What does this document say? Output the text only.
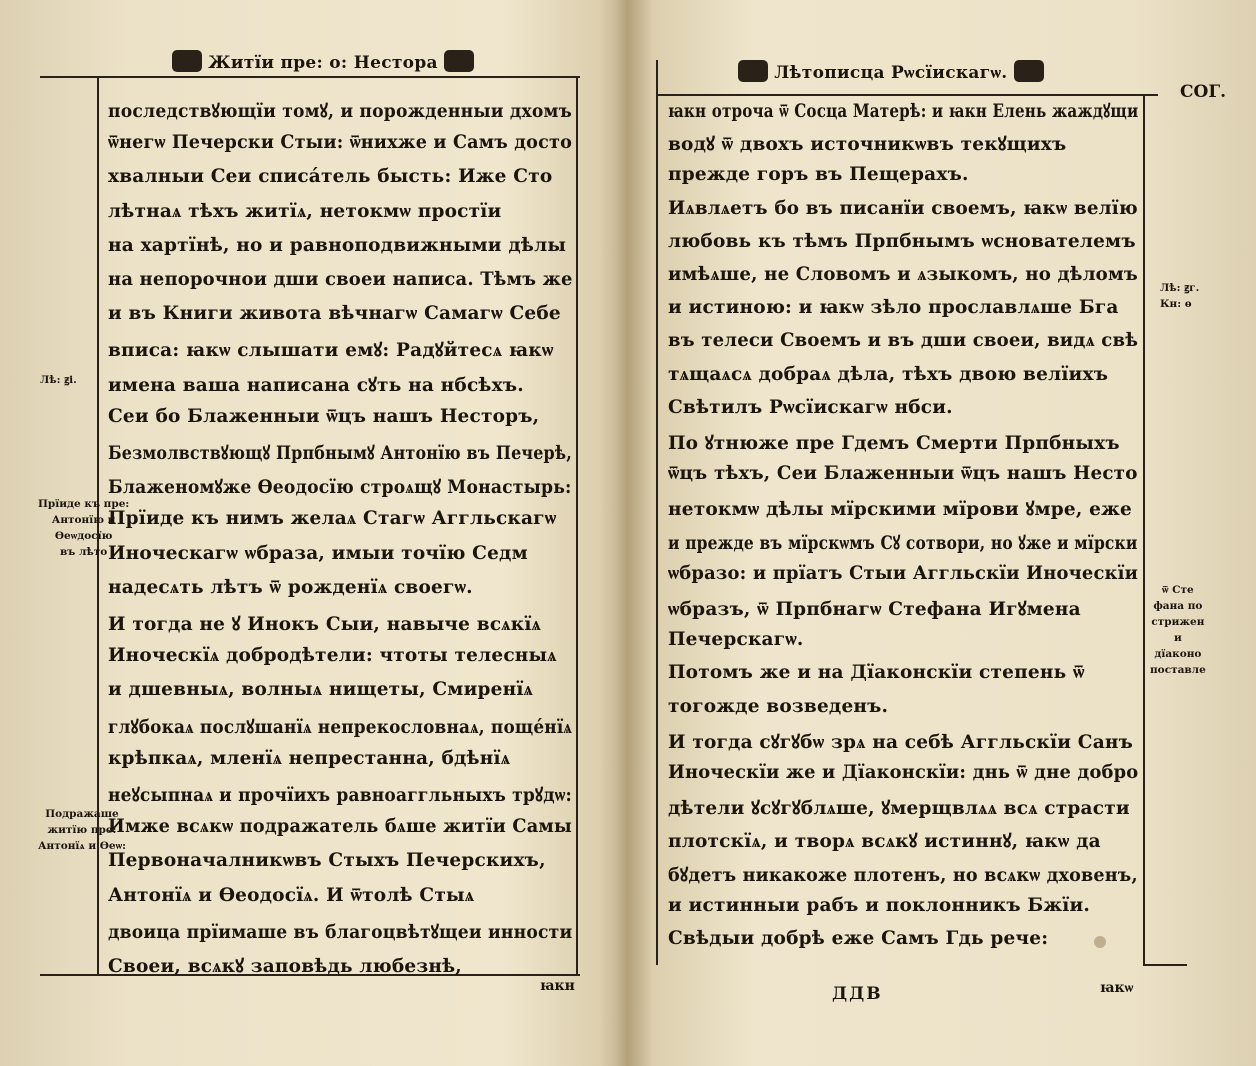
Житїи пре: о: Нестора
последствꙋющїи томꙋ, и порожденныи дхомъ
ѿнегѡ Печерски Стыи: ѿнихже и Самъ досто
хвалныи Сеи спиcа́тель бысть: Иже Сто
лѣтнаѧ тѣхъ житїѧ, нетокмѡ простїи
на хартїнѣ, но и равноподвижными дѣлы
на непорочнои дши своеи написа. Тѣмъ же
и въ Книги живота вѣчнагѡ Самагѡ Себе
вписа: ꙗкѡ слышати емꙋ: Радꙋйтесѧ ꙗкѡ
имена ваша написана сꙋть на нбсѣхъ.
Сеи бо Блаженныи ѿцъ нашъ Несторъ,
Безмолвствꙋющꙋ Прпбнымꙋ Антонїю въ Печерѣ,
Блаженомꙋже Ѳеодосїю строѧщꙋ Монастырь:
Прїиде къ нимъ желаѧ Стагѡ Аггльскагѡ
Иноческагѡ ѡбраза, имыи точїю Седм
надесѧть лѣтъ ѿ рожденїѧ своегѡ.
И тогда не ꙋ Инокъ Сыи, навыче всѧкїѧ
Иноческїѧ добродѣтели: чтоты телесныѧ
и дшевныѧ, волныѧ нищеты, Смиренїѧ
глꙋбокаѧ послꙋшанїѧ непрекословнаѧ, поще́нїѧ
крѣпкаѧ, мленїѧ непрестанна, бдѣнїѧ
неꙋсыпнаѧ и прочїихъ равноаггльныхъ трꙋдѡ:
Имже всѧкѡ подражатель бѧше житїи Самы
Первоначалникѡвъ Стыхъ Печерскихъ,
Антонїѧ и Ѳеодосїѧ. И ѿтолѣ Стыѧ
двоица прїимаше въ благоцвѣтꙋщеи инности
Своеи, всѧкꙋ заповѣдь любезнѣ,
Лѣ: ꙃі.
Прїиде къ пре:
Антонїю и
Ѳеѡдосїю
въ лѣто
Подражаше
житїю пре:
Антонїѧ и Ѳеѡ:
ꙗкн
Лѣтописца Рѡсїискагѡ.
СОГ.
ꙗкн отроча ѿ Сосца Матерѣ: и ꙗкн Елень жаждꙋщи
водꙋ ѿ двохъ источникѡвъ текꙋщихъ
прежде горъ въ Пещерахъ.
Иѧвлѧетъ бо въ писанїи своемъ, ꙗкѡ велїю
любовь къ тѣмъ Прпбнымъ ѡснователемъ
имѣѧше, не Словомъ и ѧзыкомъ, но дѣломъ
и истиною: и ꙗкѡ зѣло прославлѧше Бга
въ телеси Своемъ и въ дши своеи, видѧ свѣ
тѧщаѧсѧ добраѧ дѣла, тѣхъ двою велїихъ
Свѣтилъ Рѡсїискагѡ нбси.
По ꙋтнюже пре Гдемъ Смерти Прпбныхъ
ѿцъ тѣхъ, Сеи Блаженныи ѿцъ нашъ Несто
нетокмѡ дѣлы мїрскими мїрови ꙋмре, еже
и прежде въ мїрскѡмъ Сꙋ сотвори, но ꙋже и мїрски
ѡбразо: и прїатъ Стыи Аггльскїи Иноческїи
ѡбразъ, ѿ Прпбнагѡ Стефана Игꙋмена
Печерскагѡ.
Потомъ же и на Дїаконскїи степень ѿ
тогожде возведенъ.
И тогда сꙋгꙋбѡ зрѧ на себѣ Аггльскїи Санъ
Иноческїи же и Дїаконскїи: днь ѿ дне добро
дѣтели ꙋсꙋгꙋблѧше, ꙋмерщвлѧѧ всѧ страсти
плотскїѧ, и творѧ всѧкꙋ истиннꙋ, ꙗкѡ да
бꙋдетъ никакоже плотенъ, но всѧкѡ дховенъ,
и истинныи рабъ и поклонникъ Бжїи.
Свѣдыи добрѣ еже Самъ Гдь рече:
Лѣ: ꙃг.
Кн: ѳ
ѿ Сте
фана по
стрижен
и
дїаконо
поставле
ДДВ	ꙗкѡ
